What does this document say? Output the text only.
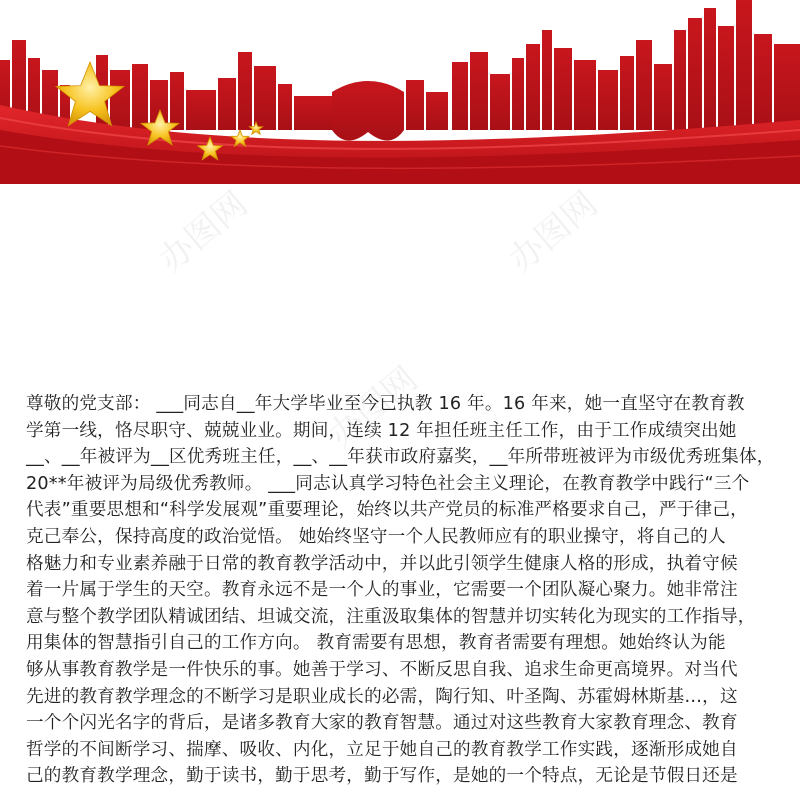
办图网	办图网
办图网
尊敬的党支部： ___同志自__年大学毕业至今已执教 16 年。16 年来，她一直坚守在教育教
学第一线，恪尽职守、兢兢业业。期间，连续 12 年担任班主任工作，由于工作成绩突出她
__、__年被评为__区优秀班主任，__、__年获市政府嘉奖，__年所带班被评为市级优秀班集体，
20**年被评为局级优秀教师。 ___同志认真学习特色社会主义理论，在教育教学中践行“三个
代表”重要思想和“科学发展观”重要理论，始终以共产党员的标准严格要求自己，严于律己，
克己奉公，保持高度的政治觉悟。 她始终坚守一个人民教师应有的职业操守，将自己的人
格魅力和专业素养融于日常的教育教学活动中，并以此引领学生健康人格的形成，执着守候
着一片属于学生的天空。教育永远不是一个人的事业，它需要一个团队凝心聚力。她非常注
意与整个教学团队精诚团结、坦诚交流，注重汲取集体的智慧并切实转化为现实的工作指导，
用集体的智慧指引自己的工作方向。 教育需要有思想，教育者需要有理想。她始终认为能
够从事教育教学是一件快乐的事。她善于学习、不断反思自我、追求生命更高境界。对当代
先进的教育教学理念的不断学习是职业成长的必需，陶行知、叶圣陶、苏霍姆林斯基…，这
一个个闪光名字的背后，是诸多教育大家的教育智慧。通过对这些教育大家教育理念、教育
哲学的不间断学习、揣摩、吸收、内化，立足于她自己的教育教学工作实践，逐渐形成她自
己的教育教学理念，勤于读书，勤于思考，勤于写作，是她的一个特点，无论是节假日还是
